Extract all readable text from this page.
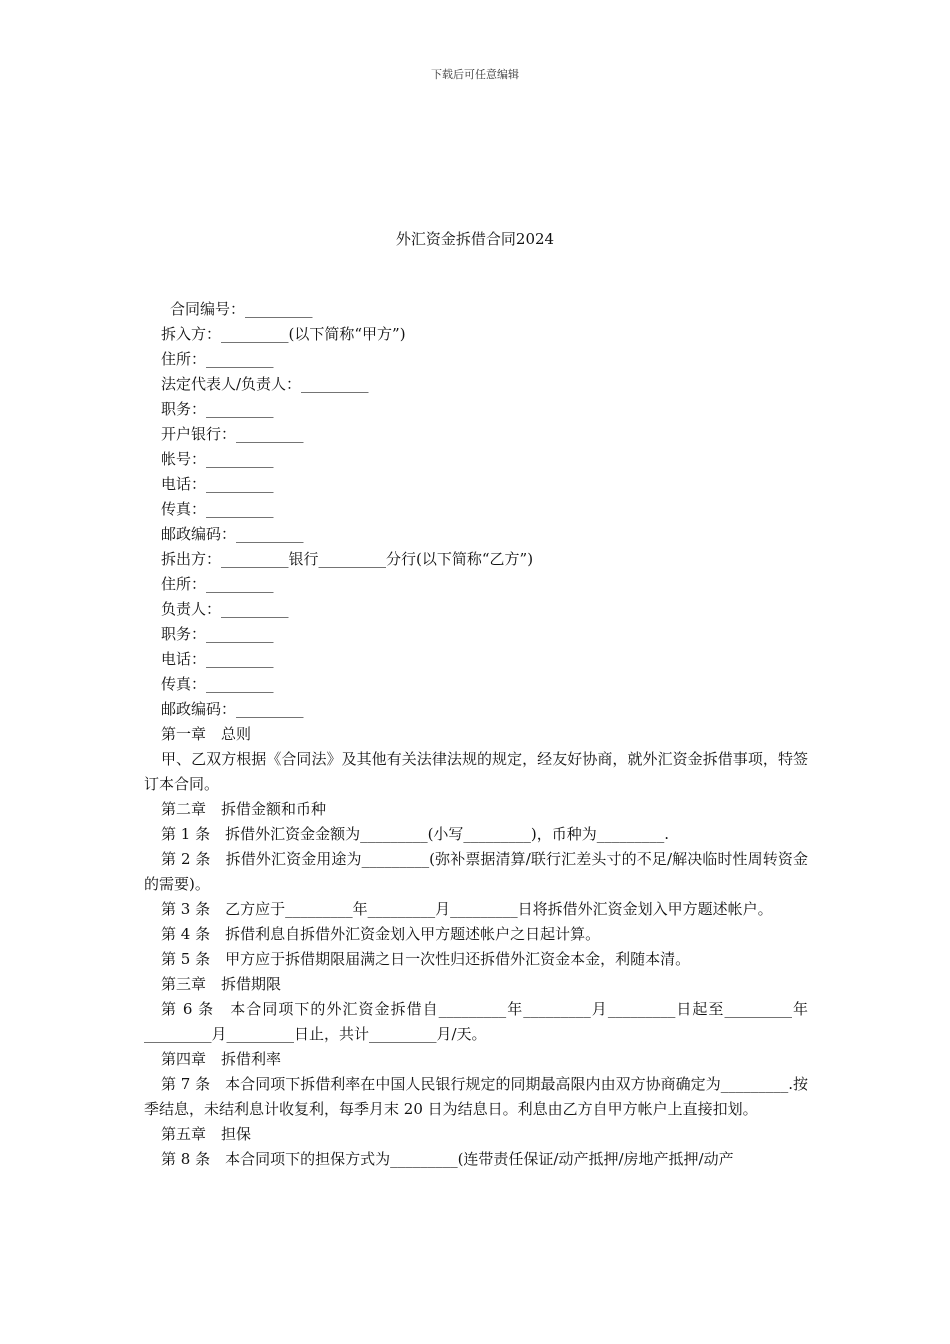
下载后可任意编辑
外汇资金拆借合同2024
合同编号：_________
拆入方：_________(以下简称“甲方”)
住所：_________
法定代表人/负责人：_________
职务：_________
开户银行：_________
帐号：_________
电话：_________
传真：_________
邮政编码：_________
拆出方：_________银行_________分行(以下简称“乙方”)
住所：_________
负责人：_________
职务：_________
电话：_________
传真：_________
邮政编码：_________
第一章　总则
甲、乙双方根据《合同法》及其他有关法律法规的规定，经友好协商，就外汇资金拆借事项，特签订本合同。
第二章　拆借金额和币种
第 1 条　拆借外汇资金金额为_________(小写_________)，币种为_________.
第 2 条　拆借外汇资金用途为_________(弥补票据清算/联行汇差头寸的不足/解决临时性周转资金的需要)。
第 3 条　乙方应于_________年_________月_________日将拆借外汇资金划入甲方题述帐户。
第 4 条　拆借利息自拆借外汇资金划入甲方题述帐户之日起计算。
第 5 条　甲方应于拆借期限届满之日一次性归还拆借外汇资金本金，利随本清。
第三章　拆借期限
第 6 条　本合同项下的外汇资金拆借自_________年_________月_________日起至_________年_________月_________日止，共计_________月/天。
第四章　拆借利率
第 7 条　本合同项下拆借利率在中国人民银行规定的同期最高限内由双方协商确定为_________.按季结息，未结利息计收复利，每季月末 20 日为结息日。利息由乙方自甲方帐户上直接扣划。
第五章　担保
第 8 条　本合同项下的担保方式为_________(连带责任保证/动产抵押/房地产抵押/动产
